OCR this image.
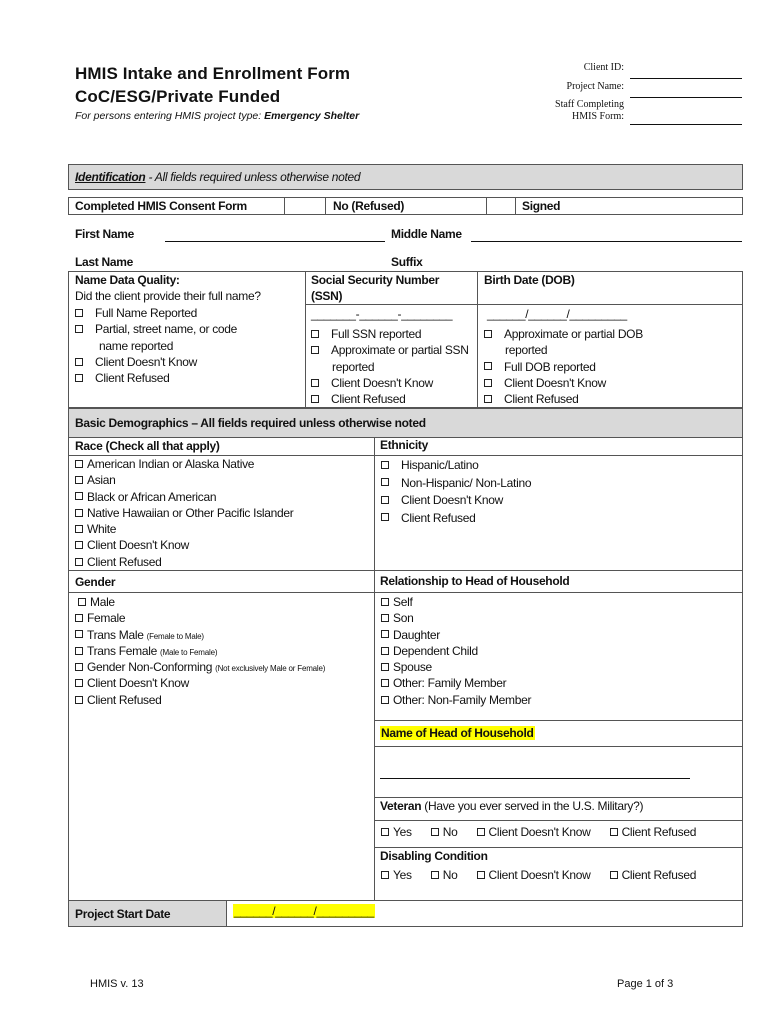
HMIS Intake and Enrollment Form
CoC/ESG/Private Funded
For persons entering HMIS project type: Emergency Shelter
Client ID:
Project Name:
Staff Completing
HMIS Form:
Identification - All fields required unless otherwise noted
Completed HMIS Consent Form	No (Refused)	Signed
First Name	Middle Name
Last Name	Suffix
Name Data Quality:
Did the client provide their full name?
Full Name Reported
Partial, street name, or code
name reported
Client Doesn't Know
Client Refused
Social Security Number
(SSN)
_______-______-________
Full SSN reported
Approximate or partial SSN
reported
Client Doesn't Know
Client Refused
Birth Date (DOB)
______/______/_________
Approximate or partial DOB
reported
Full DOB reported
Client Doesn't Know
Client Refused
Basic Demographics – All fields required unless otherwise noted
Race (Check all that apply)	Ethnicity
American Indian or Alaska Native
Asian
Black or African American
Native Hawaiian or Other Pacific Islander
White
Client Doesn't Know
Client Refused
Hispanic/Latino
Non-Hispanic/ Non-Latino
Client Doesn't Know
Client Refused
Gender	Relationship to Head of Household
Male
Female
Trans Male (Female to Male)
Trans Female (Male to Female)
Gender Non-Conforming (Not exclusively Male or Female)
Client Doesn't Know
Client Refused
Self
Son
Daughter
Dependent Child
Spouse
Other: Family Member
Other: Non-Family Member
Name of Head of Household
Veteran (Have you ever served in the U.S. Military?)
Yes	No	Client Doesn't Know	Client Refused
Disabling Condition
Yes	No	Client Doesn't Know	Client Refused
Project Start Date	______/______/_________
HMIS v. 13	Page 1 of 3
